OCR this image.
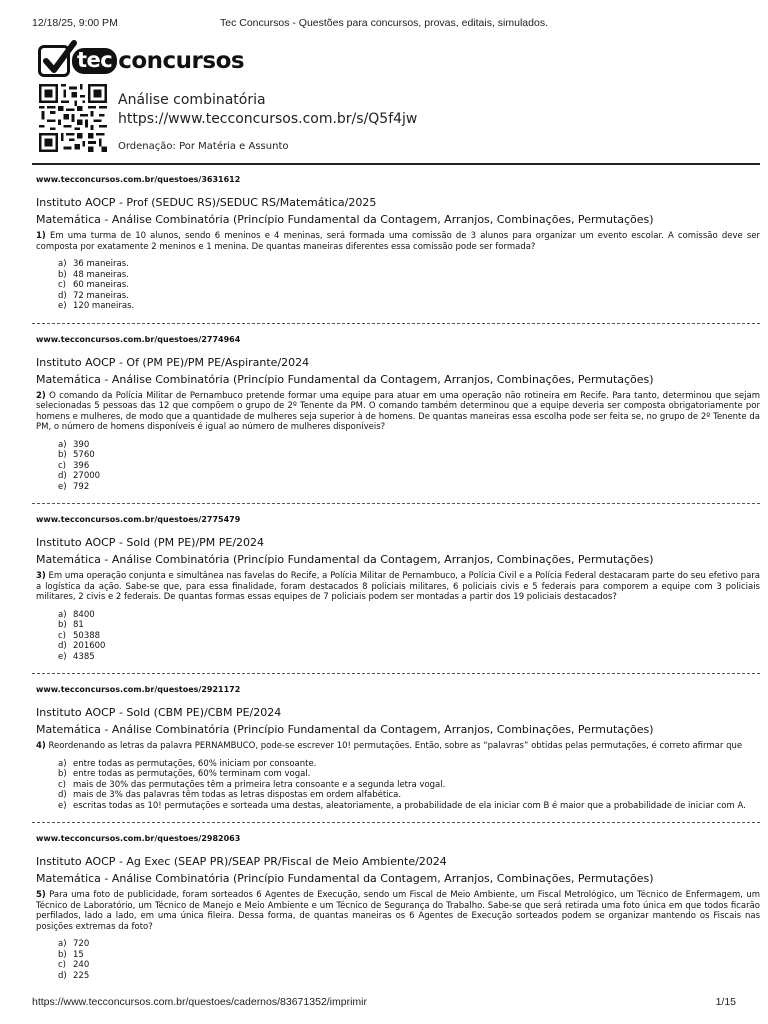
12/18/25, 9:00 PM	Tec Concursos - Questões para concursos, provas, editais, simulados.
tec concursos
Análise combinatória
https://www.tecconcursos.com.br/s/Q5f4jw
Ordenação: Por Matéria e Assunto
www.tecconcursos.com.br/questoes/3631612
Instituto AOCP - Prof (SEDUC RS)/SEDUC RS/Matemática/2025
Matemática - Análise Combinatória (Princípio Fundamental da Contagem, Arranjos, Combinações, Permutações)
1) Em uma turma de 10 alunos, sendo 6 meninos e 4 meninas, será formada uma comissão de 3 alunos para organizar um evento escolar. A comissão deve ser composta por exatamente 2 meninos e 1 menina. De quantas maneiras diferentes essa comissão pode ser formada?
a) 36 maneiras.
b) 48 maneiras.
c) 60 maneiras.
d) 72 maneiras.
e) 120 maneiras.
www.tecconcursos.com.br/questoes/2774964
Instituto AOCP - Of (PM PE)/PM PE/Aspirante/2024
Matemática - Análise Combinatória (Princípio Fundamental da Contagem, Arranjos, Combinações, Permutações)
2) O comando da Polícia Militar de Pernambuco pretende formar uma equipe para atuar em uma operação não rotineira em Recife. Para tanto, determinou que sejam selecionadas 5 pessoas das 12 que compõem o grupo de 2º Tenente da PM. O comando também determinou que a equipe deveria ser composta obrigatoriamente por homens e mulheres, de modo que a quantidade de mulheres seja superior à de homens. De quantas maneiras essa escolha pode ser feita se, no grupo de 2º Tenente da PM, o número de homens disponíveis é igual ao número de mulheres disponíveis?
a) 390
b) 5760
c) 396
d) 27000
e) 792
www.tecconcursos.com.br/questoes/2775479
Instituto AOCP - Sold (PM PE)/PM PE/2024
Matemática - Análise Combinatória (Princípio Fundamental da Contagem, Arranjos, Combinações, Permutações)
3) Em uma operação conjunta e simultânea nas favelas do Recife, a Polícia Militar de Pernambuco, a Polícia Civil e a Polícia Federal destacaram parte do seu efetivo para a logística da ação. Sabe-se que, para essa finalidade, foram destacados 8 policiais militares, 6 policiais civis e 5 federais para comporem a equipe com 3 policiais militares, 2 civis e 2 federais. De quantas formas essas equipes de 7 policiais podem ser montadas a partir dos 19 policiais destacados?
a) 8400
b) 81
c) 50388
d) 201600
e) 4385
www.tecconcursos.com.br/questoes/2921172
Instituto AOCP - Sold (CBM PE)/CBM PE/2024
Matemática - Análise Combinatória (Princípio Fundamental da Contagem, Arranjos, Combinações, Permutações)
4) Reordenando as letras da palavra PERNAMBUCO, pode-se escrever 10! permutações. Então, sobre as “palavras” obtidas pelas permutações, é correto afirmar que
a) entre todas as permutações, 60% iniciam por consoante.
b) entre todas as permutações, 60% terminam com vogal.
c) mais de 30% das permutações têm a primeira letra consoante e a segunda letra vogal.
d) mais de 3% das palavras têm todas as letras dispostas em ordem alfabética.
e) escritas todas as 10! permutações e sorteada uma destas, aleatoriamente, a probabilidade de ela iniciar com B é maior que a probabilidade de iniciar com A.
www.tecconcursos.com.br/questoes/2982063
Instituto AOCP - Ag Exec (SEAP PR)/SEAP PR/Fiscal de Meio Ambiente/2024
Matemática - Análise Combinatória (Princípio Fundamental da Contagem, Arranjos, Combinações, Permutações)
5) Para uma foto de publicidade, foram sorteados 6 Agentes de Execução, sendo um Fiscal de Meio Ambiente, um Fiscal Metrológico, um Técnico de Enfermagem, um Técnico de Laboratório, um Técnico de Manejo e Meio Ambiente e um Técnico de Segurança do Trabalho. Sabe-se que será retirada uma foto única em que todos ficarão perfilados, lado a lado, em uma única fileira. Dessa forma, de quantas maneiras os 6 Agentes de Execução sorteados podem se organizar mantendo os Fiscais nas posições extremas da foto?
a) 720
b) 15
c) 240
d) 225
https://www.tecconcursos.com.br/questoes/cadernos/83671352/imprimir	1/15
